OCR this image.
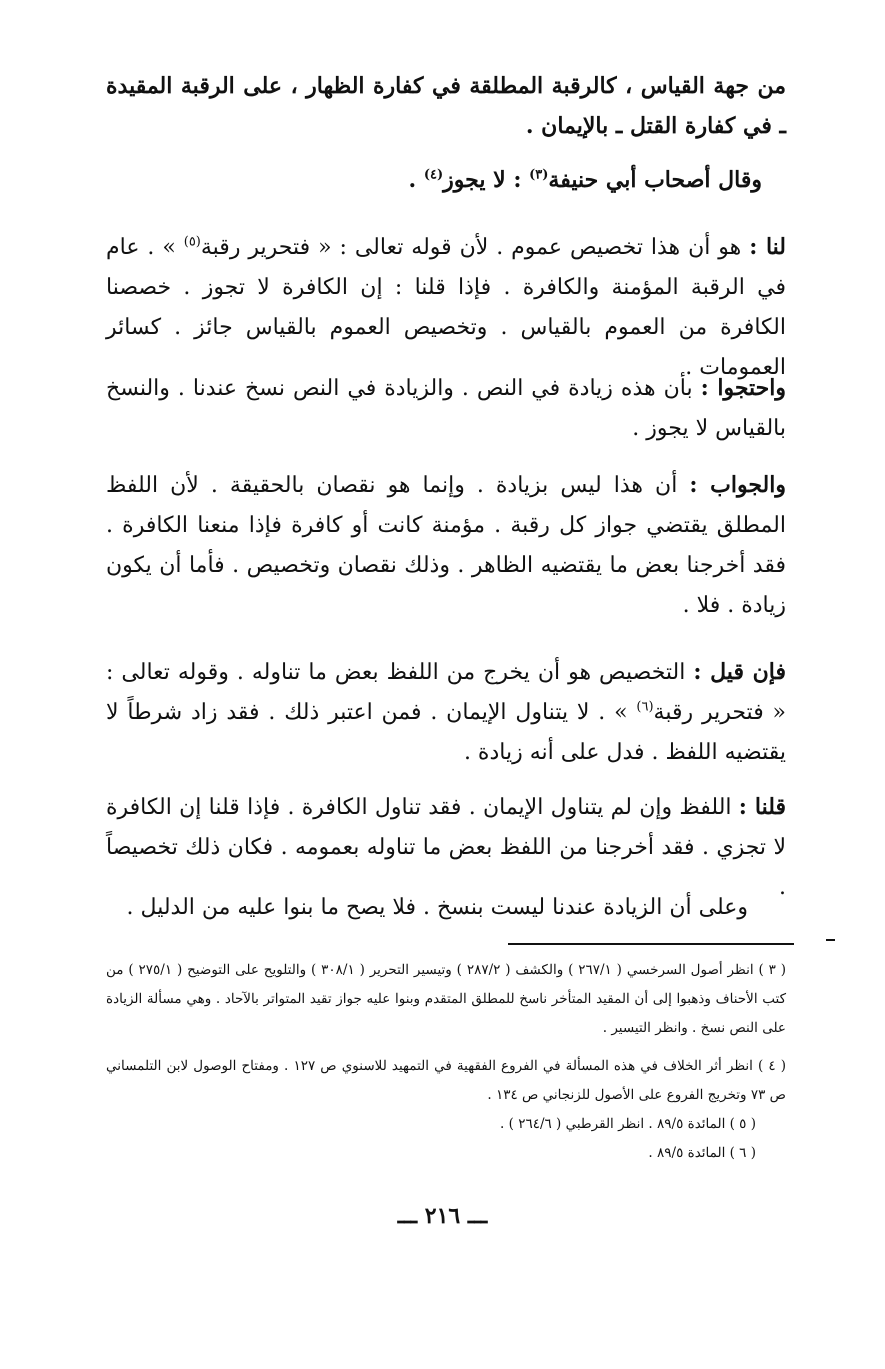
من جهة القياس ، كالرقبة المطلقة في كفارة الظهار ، على الرقبة المقيدة ـ في كفارة القتل ـ بالإيمان .

وقال أصحاب أبي حنيفة$^{(٣)}$ : لا يجوز$^{(٤)}$ .

لنا : هو أن هذا تخصيص عموم . لأن قوله تعالى : « فتحرير رقبة$^{(٥)}$ » . عام في الرقبة المؤمنة والكافرة . فإذا قلنا : إن الكافرة لا تجوز . خصصنا الكافرة من العموم بالقياس . وتخصيص العموم بالقياس جائز . كسائر العمومات .

واحتجوا : بأن هذه زيادة في النص . والزيادة في النص نسخ عندنا . والنسخ بالقياس لا يجوز .

والجواب : أن هذا ليس بزيادة . وإنما هو نقصان بالحقيقة . لأن اللفظ المطلق يقتضي جواز كل رقبة . مؤمنة كانت أو كافرة فإذا منعنا الكافرة . فقد أخرجنا بعض ما يقتضيه الظاهر . وذلك نقصان وتخصيص . فأما أن يكون زيادة . فلا .

فإن قيل : التخصيص هو أن يخرج من اللفظ بعض ما تناوله . وقوله تعالى : « فتحرير رقبة$^{(٦)}$ » . لا يتناول الإيمان . فمن اعتبر ذلك . فقد زاد شرطاً لا يقتضيه اللفظ . فدل على أنه زيادة .

قلنا : اللفظ وإن لم يتناول الإيمان . فقد تناول الكافرة . فإذا قلنا إن الكافرة لا تجزي . فقد أخرجنا من اللفظ بعض ما تناوله بعمومه . فكان ذلك تخصيصاً .

وعلى أن الزيادة عندنا ليست بنسخ . فلا يصح ما بنوا عليه من الدليل .

( ٣ ) انظر أصول السرخسي ( ٢٦٧/١ ) والكشف ( ٢٨٧/٢ ) وتيسير التحرير ( ٣٠٨/١ ) والتلويح على التوضيح ( ٢٧٥/١ ) من كتب الأحناف وذهبوا إلى أن المقيد المتأخر ناسخ للمطلق المتقدم وبنوا عليه جواز تقيد المتواتر بالآحاد . وهي مسألة الزيادة على النص نسخ . وانظر التيسير .

( ٤ ) انظر أثر الخلاف في هذه المسألة في الفروع الفقهية في التمهيد للاسنوي ص ١٢٧ . ومفتاح الوصول لابن التلمساني ص ٧٣ وتخريج الفروع على الأصول للزنجاني ص ١٣٤ .

( ٥ ) المائدة ٨٩/٥ . انظر القرطبي ( ٢٦٤/٦ ) .

( ٦ ) المائدة ٨٩/٥ .

ـــ ٢١٦ ـــ
